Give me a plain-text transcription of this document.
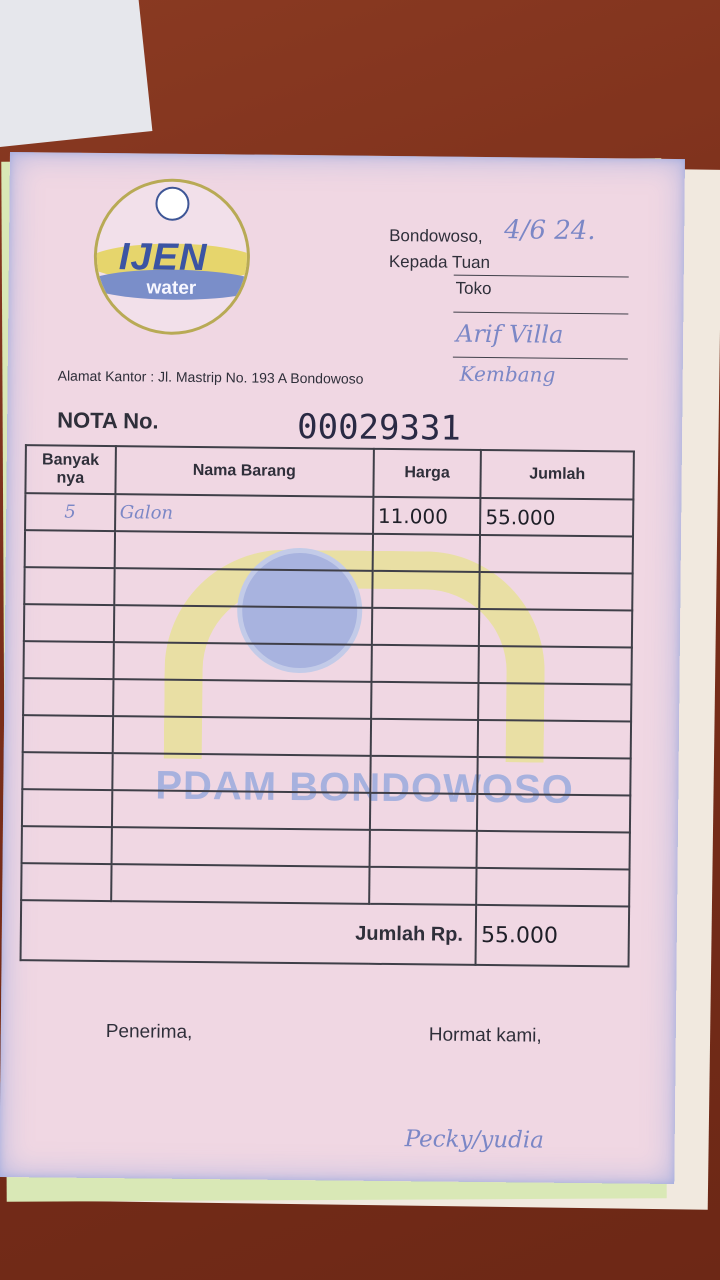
IJEN
water
Bondowoso, 4/6 24.
Kepada Tuan
Toko
Arif Villa
Kembang
Alamat Kantor : Jl. Mastrip No. 193 A Bondowoso
NOTA No.	00029331
PDAM BONDOWOSO
Banyak nya	Nama Barang	Harga	Jumlah
5	Galon	11.000	55.000

Jumlah Rp.			55.000
Penerima,	Hormat kami,
Pecky/yudia
